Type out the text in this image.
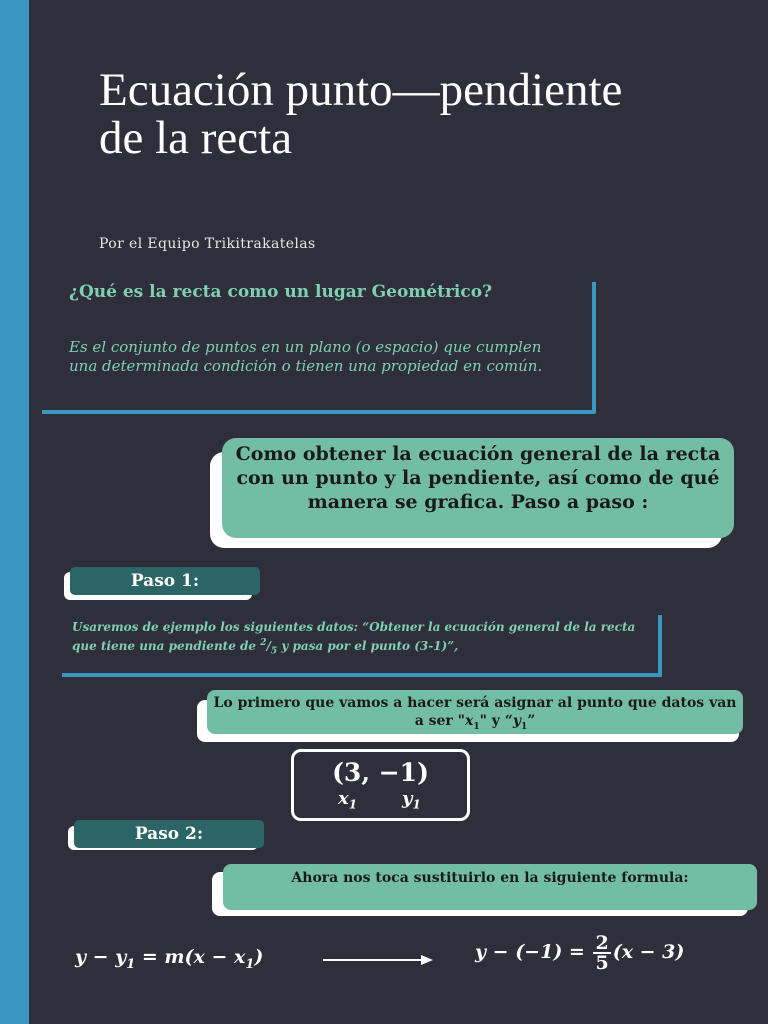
Ecuación punto—pendiente de la recta
Por el Equipo Trikitrakatelas
¿Qué es la recta como un lugar Geométrico?
Es el conjunto de puntos en un plano (o espacio) que cumplen una determinada condición o tienen una propiedad en común.
Como obtener la ecuación general de la recta con un punto y la pendiente, así como de qué manera se grafica. Paso a paso :
Paso 1:
Usaremos de ejemplo los siguientes datos: “Obtener la ecuación general de la recta que tiene una pendiente de $^2/_5$ y pasa por el punto (3-1)”,
Lo primero que vamos a hacer será asignar al punto que datos van a ser "$x_1$" y “$y_1$”
(3, −1)
$x_1$ $y_1$
Paso 2:
Ahora nos toca sustituirlo en la siguiente formula:
$y - y_1 = m(x - x_1)$	$y - (-1) = \frac{2}{5} (x - 3)$
